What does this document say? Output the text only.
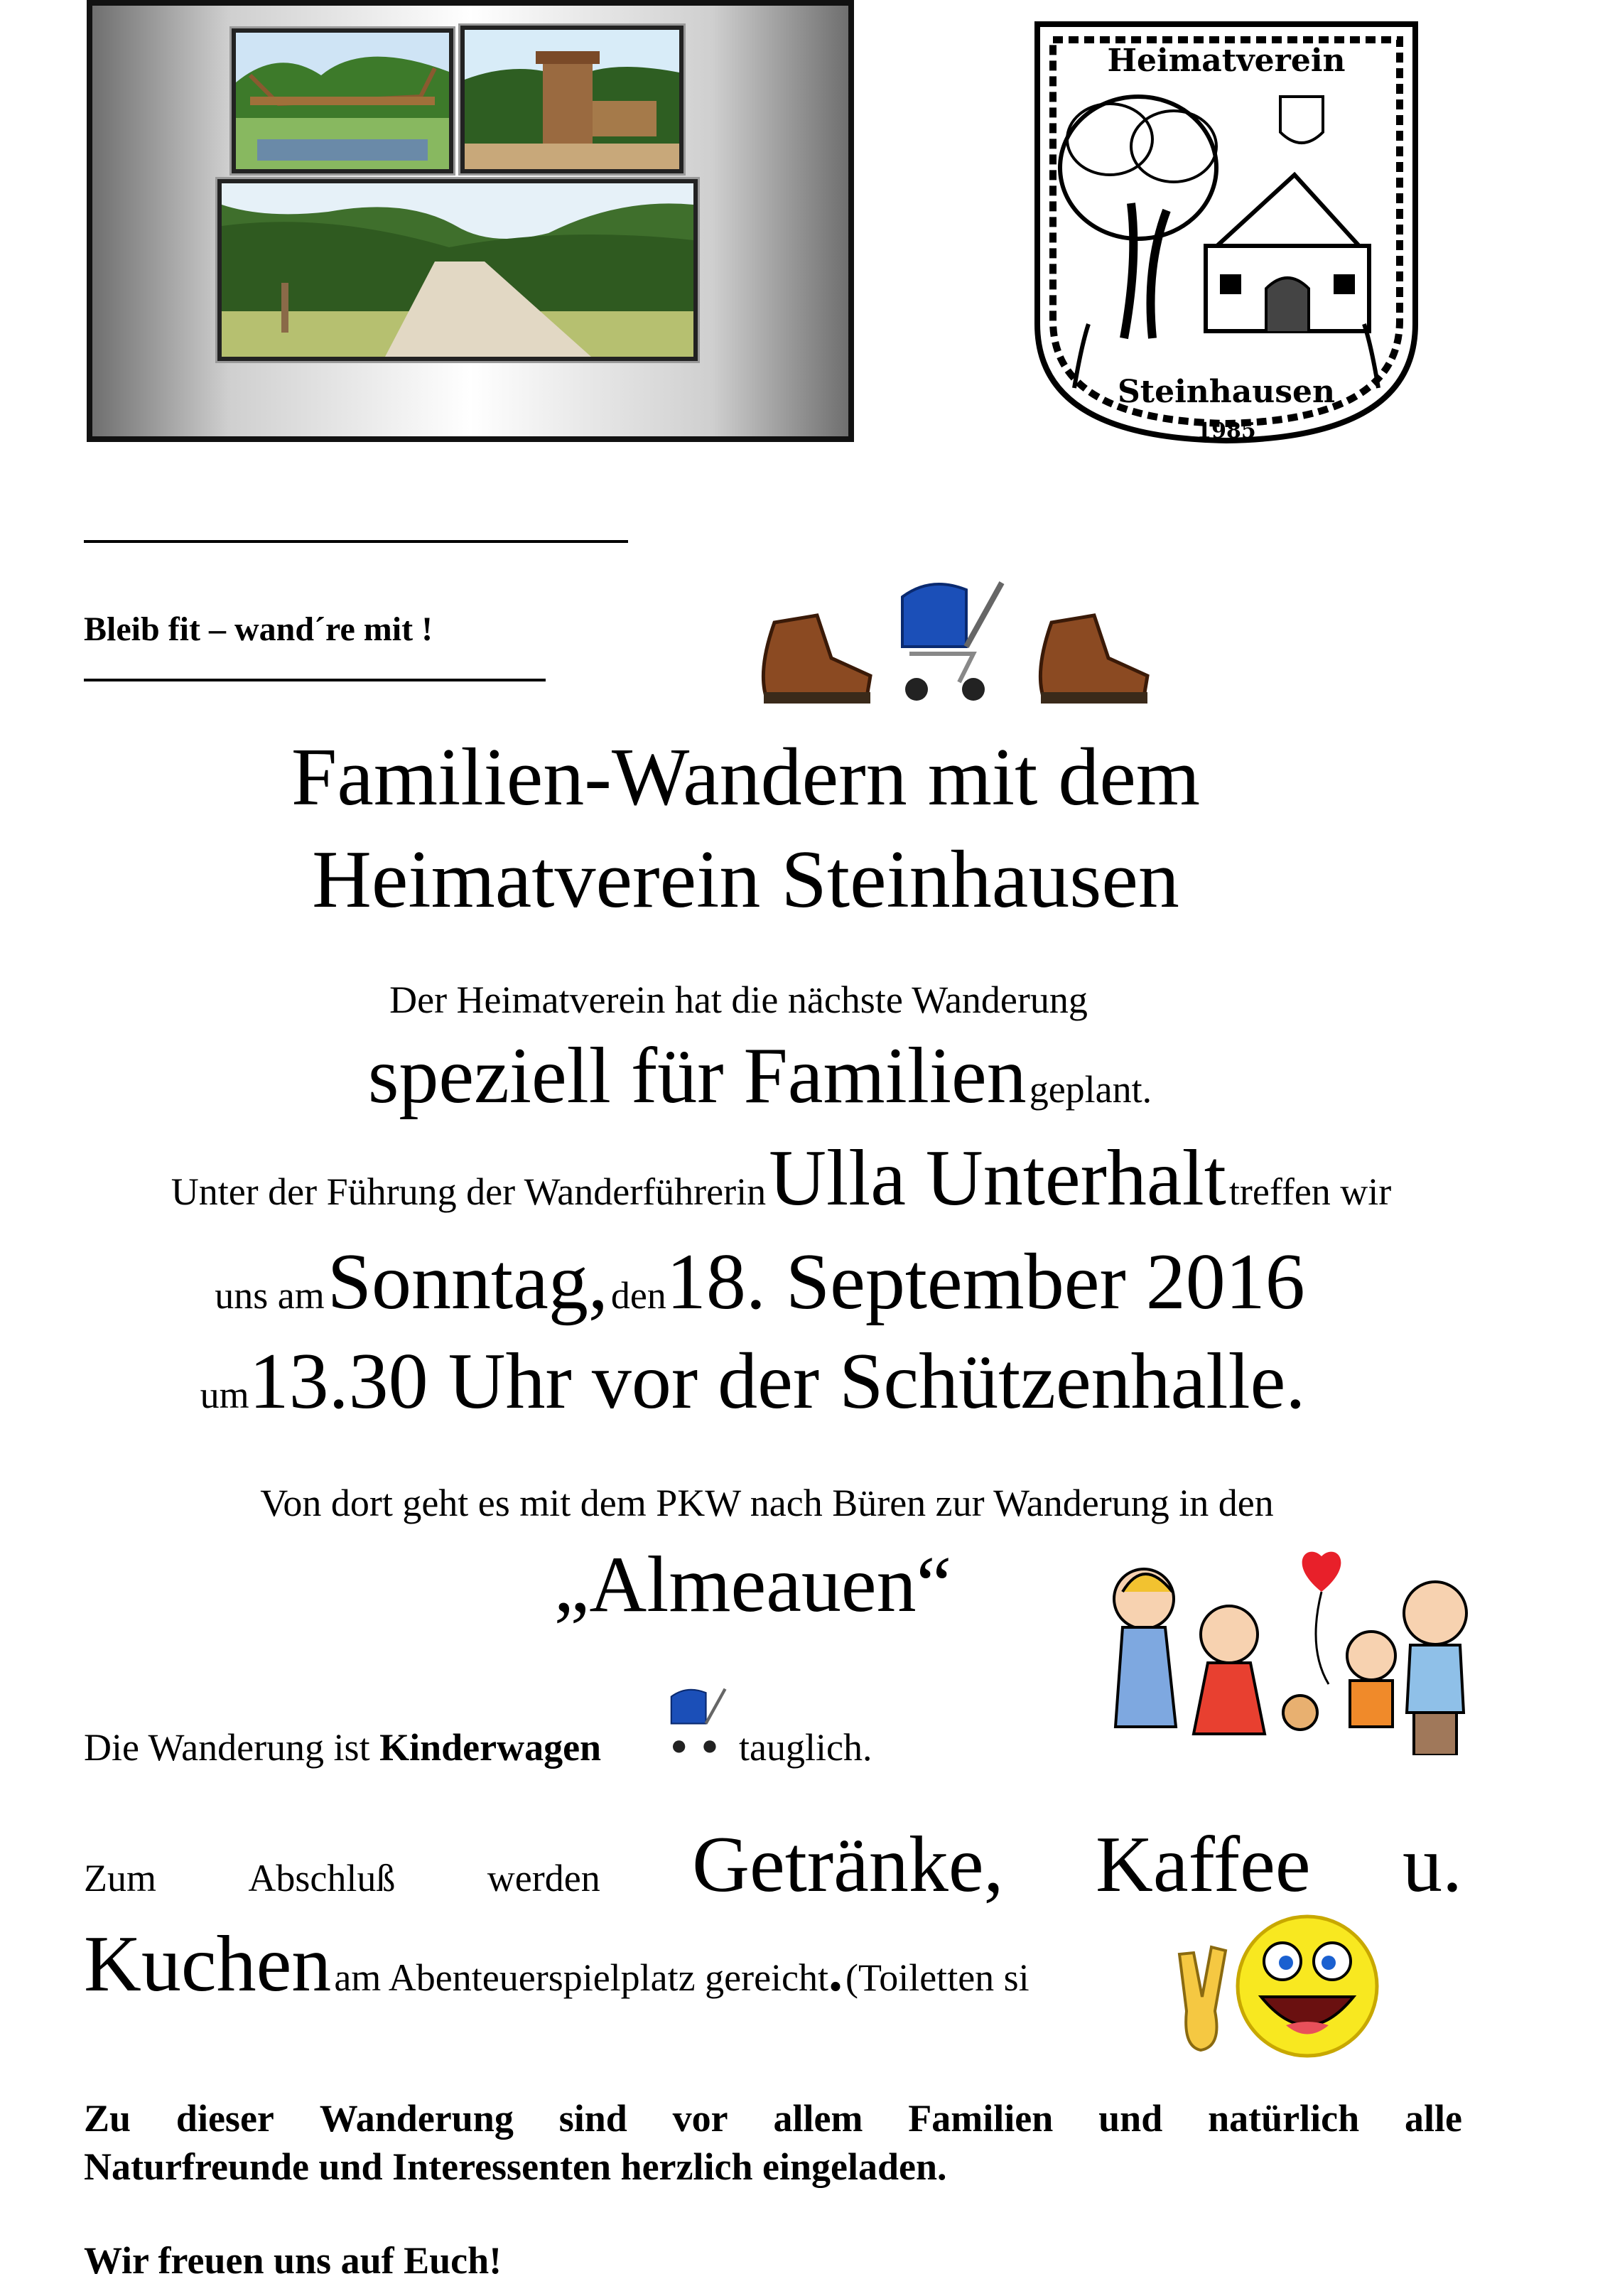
Heimatverein
Steinhausen
1985
Bleib fit – wand´re mit !
Familien-Wandern mit dem
Heimatverein Steinhausen
Der Heimatverein hat die nächste Wanderung
speziell für Familien geplant.
Unter der Führung der Wanderführerin Ulla Unterhalt treffen wir
uns am Sonntag, den18. September 2016
um13.30 Uhr vor der Schützenhalle.
Von dort geht es mit dem PKW nach Büren zur Wanderung in den
„Almeauen“
Die Wanderung ist Kinderwagen	tauglich.
Zum Abschluß werden Getränke, Kaffee u.
Kuchen am Abenteuerspielplatz gereicht. (Toiletten si
Zu dieser Wanderung sind vor allem Familien und natürlich alle
Naturfreunde und Interessenten herzlich eingeladen.
Wir freuen uns auf Euch!
